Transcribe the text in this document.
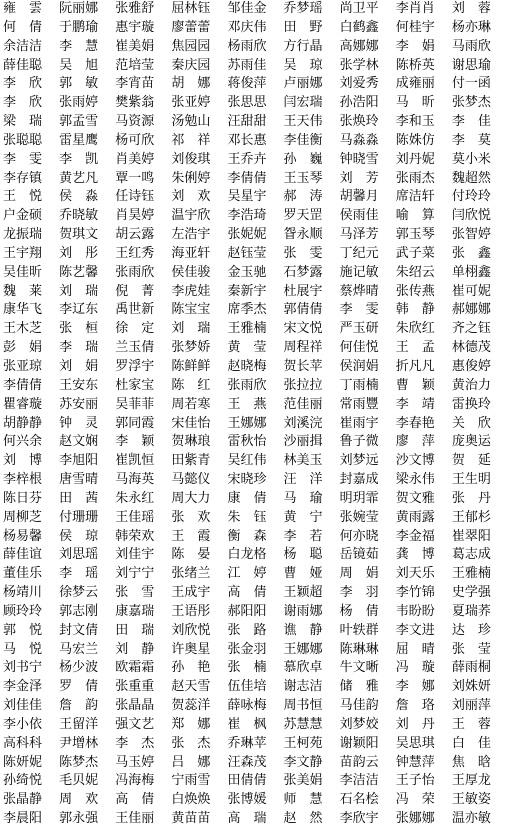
雍　雲	阮丽娜	张雅舒	屈林钰	邹佳金	乔梦瑶	尚卫平	李肖肖	刘　蓉
何　倩	于鹏瑜	惠宇璇	廖蕾蕾	邓庆伟	田　野	白鹤鑫	何桂宇	杨亦琳
余洁洁	李　慧	崔美娟	焦园园	杨雨欣	方行晶	高娜娜	李　娟	马雨欣
薛佳聪	吴　旭	范培莹	秦庆园	苏雨佳	吴　琼	张学林	陈桥英	谢思瑜
李　欣	郭　敏	李宵苗	胡　娜	蒋俊萍	卢丽娜	刘爱秀	成雍丽	付一函
李　欣	张雨婷	樊紫翁	张亚婷	张思思	闫宏瑞	孙浩阳	马　昕	张梦杰
梁　瑞	郭孟雪	马资源	汤勉山	汪甜甜	王天伟	张焕玲	李和玉	李　佳
张聪聪	雷星鹰	杨可欣	祁　祥	邓长惠	李佳衡	马淼淼	陈姝仿	李　莫
李　雯	李　凯	肖美婷	刘俊琪	王乔卉	孙　巍	钟晓雪	刘丹妮	莫小米
李存镇	黄艺凡	覃一鸣	朱俐婷	李倩倩	王玉琴	刘　芳	张雨杰	魏超然
王　悦	侯　淼	任诗钰	刘　欢	吴星宇	郝　涛	胡馨月	席洁轩	付玲玲
户金硕	乔晓敏	肖昊婷	温宇欣	李浩琦	罗天罡	侯雨佳	喻　算	闫欣悦
龙振瑞	贺琪文	胡云露	左浩宇	张妮妮	眢永顺	马泽芳	郭玉琴	张智婷
王宇翔	刘　彤	王红秀	海亚轩	赵钰莹	张　雯	丁纪元	武子菜	张　鑫
吴佳昕	陈艺馨	张雨欣	侯佳骏	金玉驰	石梦露	施记敏	朱绍云	单栩鑫
魏　莱	刘　瑞	倪　菁	李虎娃	秦新宇	杜展宇	蔡烨晴	张传燕	崔可妮
康华飞	李辽东	禹世新	陈宝宝	席季杰	郭倩倩	李　雯	韩　静	郝娜娜
王木芝	张　桓	徐　定	刘　瑞	王雅楠	宋文悦	严玉研	朱欣红	齐之钰
彭　娟	李　瑞	兰玉倩	张梦娇	黄　莹	周程祥	何佳悦	王　孟	林德茂
张亚琼	刘　娟	罗浮宇	陈鲜鲜	赵晓梅	贺长苹	侯润娟	折凡凡	惠俊婷
李倩倩	王安东	杜家宝	陈　红	张雨欣	张拉拉	丁雨楠	曹　颖	黄治力
瞿睿璇	苏安丽	吴菲菲	周若寒	王　燕	范佳丽	常雨豐	李　靖	雷换玲
胡静静	钟　灵	郭同霞	宋佳怡	王娜娜	刘溪浣	崔雨宇	李春艳	关　欣
何兴余	赵文娴	李　颖	贺琳琅	雷秋怡	沙丽揖	鲁子微	廖　萍	庞奥运
刘　博	李旭阳	崔凯恒	田紫青	吴红伟	林美玉	刘梦远	沙文博	贺　延
李梓根	唐雪晴	马海英	马懿仪	宋晓珍	汪　洋	封嘉成	梁永伟	王生明
陈日芬	田　茜	朱永红	周大力	康　倩	马　瑜	明玥霏	贺文雅	张　丹
周柳芝	付珊珊	王佳瑶	张　欢	朱　钰	黄　宁	张婉莹	黄雨露	王郁杉
杨易馨	侯　琼	韩荣欢	王　霞	衡　森	李　若	何亦晓	李金福	崔翠阳
薛佳谊	刘思瑶	刘佳宇	陈　晏	白龙格	杨　聪	岳镜茹	龚　博	葛志成
董佳乐	李　瑶	刘宁宁	张绪兰	江　婷	曹　娅	周　娟	刘天乐	王雅楠
杨靖川	徐梦云	张　雪	王成宇	高　倩	王颖超	李　羽	李竹锦	史学强
顾玲玲	郭志刚	康嘉瑞	王语彤	郝阳阳	谢雨娜	杨　倩	韦盼盼	夏瑞荞
郭　悦	封文倩	田　瑞	刘欣悦	张　路	谯　静	叶轶群	李文进	达　珍
马　悦	马宏兰	刘　静	许奥星	张金羽	王娜娜	陈琳琳	屈　晴	张　莹
刘书宁	杨少波	欧霜霜	孙　艳	张　楠	慕欣卓	牛文晰	冯　璇	薛雨桐
李金泽	罗　倩	张重重	赵天雪	伍佳培	谢志洁	储　雅	李　娜	刘姝妍
刘佳佳	詹　韵	张晶晶	贺蕊洋	薛咏梅	周书恒	马佳韵	詹　珞	刘丽萍
李小依	王留洋	强文艺	郑　娜	崔　枫	苏慧慧	刘梦姣	刘　丹	王　蓉
高科科	尹增林	李　杰	张　杰	乔琳苹	王柯苑	谢颖阳	吴思琪	白　佳
陈妍妮	陈梦杰	马玉婷	吕　娜	汪森茂	李文静	苗韵云	钟慧萍	焦　晗
孙绮悦	毛贝妮	冯海梅	宁雨雪	田倩倩	张美娟	李洁洁	王子怡	王厚龙
张晶静	周　欢	高　倩	白焕焕	张博媛	师　慧	石名桧	冯　荣	王敏姿
李晨阳	郭永强	王佳丽	黄苗苗	高　瑞	赵　然	李欣宇	张娜娜	温亦敏
